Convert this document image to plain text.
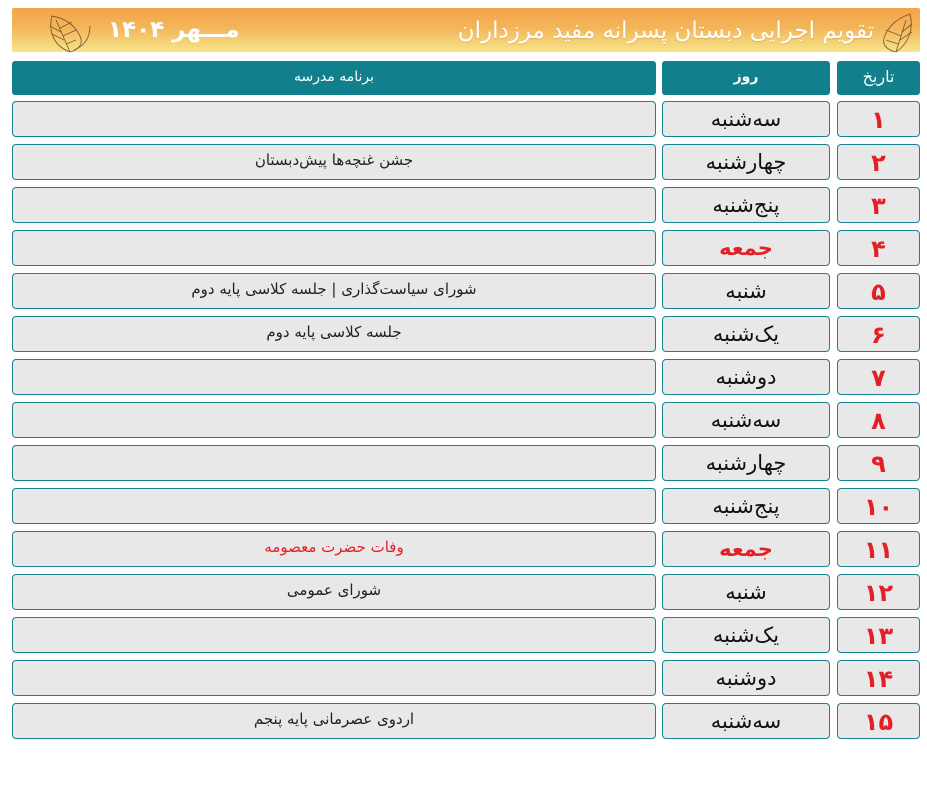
مـــهر ۱۴۰۴	تقویم اجرایی دبستان پسرانه مفید مرزداران
تاریخ
روز
برنامه مدرسه
۱
سه‌شنبه
۲
چهارشنبه
جشن غنچه‌ها پیش‌دبستان
۳
پنج‌شنبه
۴
جمعه
۵
شنبه
شورای سیاست‌گذاری | جلسه کلاسی پایه دوم
۶
یک‌شنبه
جلسه کلاسی پایه دوم
۷
دوشنبه
۸
سه‌شنبه
۹
چهارشنبه
۱۰
پنج‌شنبه
۱۱
جمعه
وفات حضرت معصومه
۱۲
شنبه
شورای عمومی
۱۳
یک‌شنبه
۱۴
دوشنبه
۱۵
سه‌شنبه
اردوی عصرمانی پایه پنجم
